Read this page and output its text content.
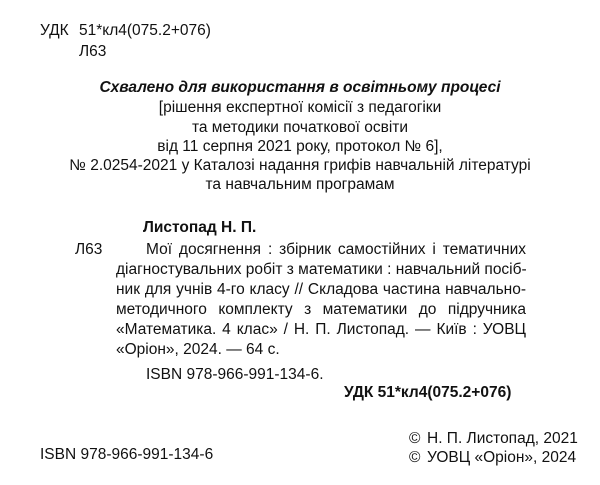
УДК 51*кл4(075.2+076)
Л63
Схвалено для використання в освітньому процесі
[рішення експертної комісії з педагогіки
та методики початкової освіти
від 11 серпня 2021 року, протокол № 6],
№ 2.0254-2021 у Каталозі надання грифів навчальній літературі
та навчальним програмам
Листопад Н. П.
Л63	Мої досягнення : збірник самостійних і тематичних
діагностувальних робіт з математики : навчальний посіб-
ник для учнів 4-го класу // Складова частина навчально-
методичного комплекту з математики до підручника
«Математика. 4 клас» / Н. П. Листопад. — Київ : УОВЦ
«Оріон», 2024. — 64 с.
ISBN 978-966-991-134-6.
УДК 51*кл4(075.2+076)
ISBN 978-966-991-134-6
© Н. П. Листопад, 2021
© УОВЦ «Оріон», 2024
